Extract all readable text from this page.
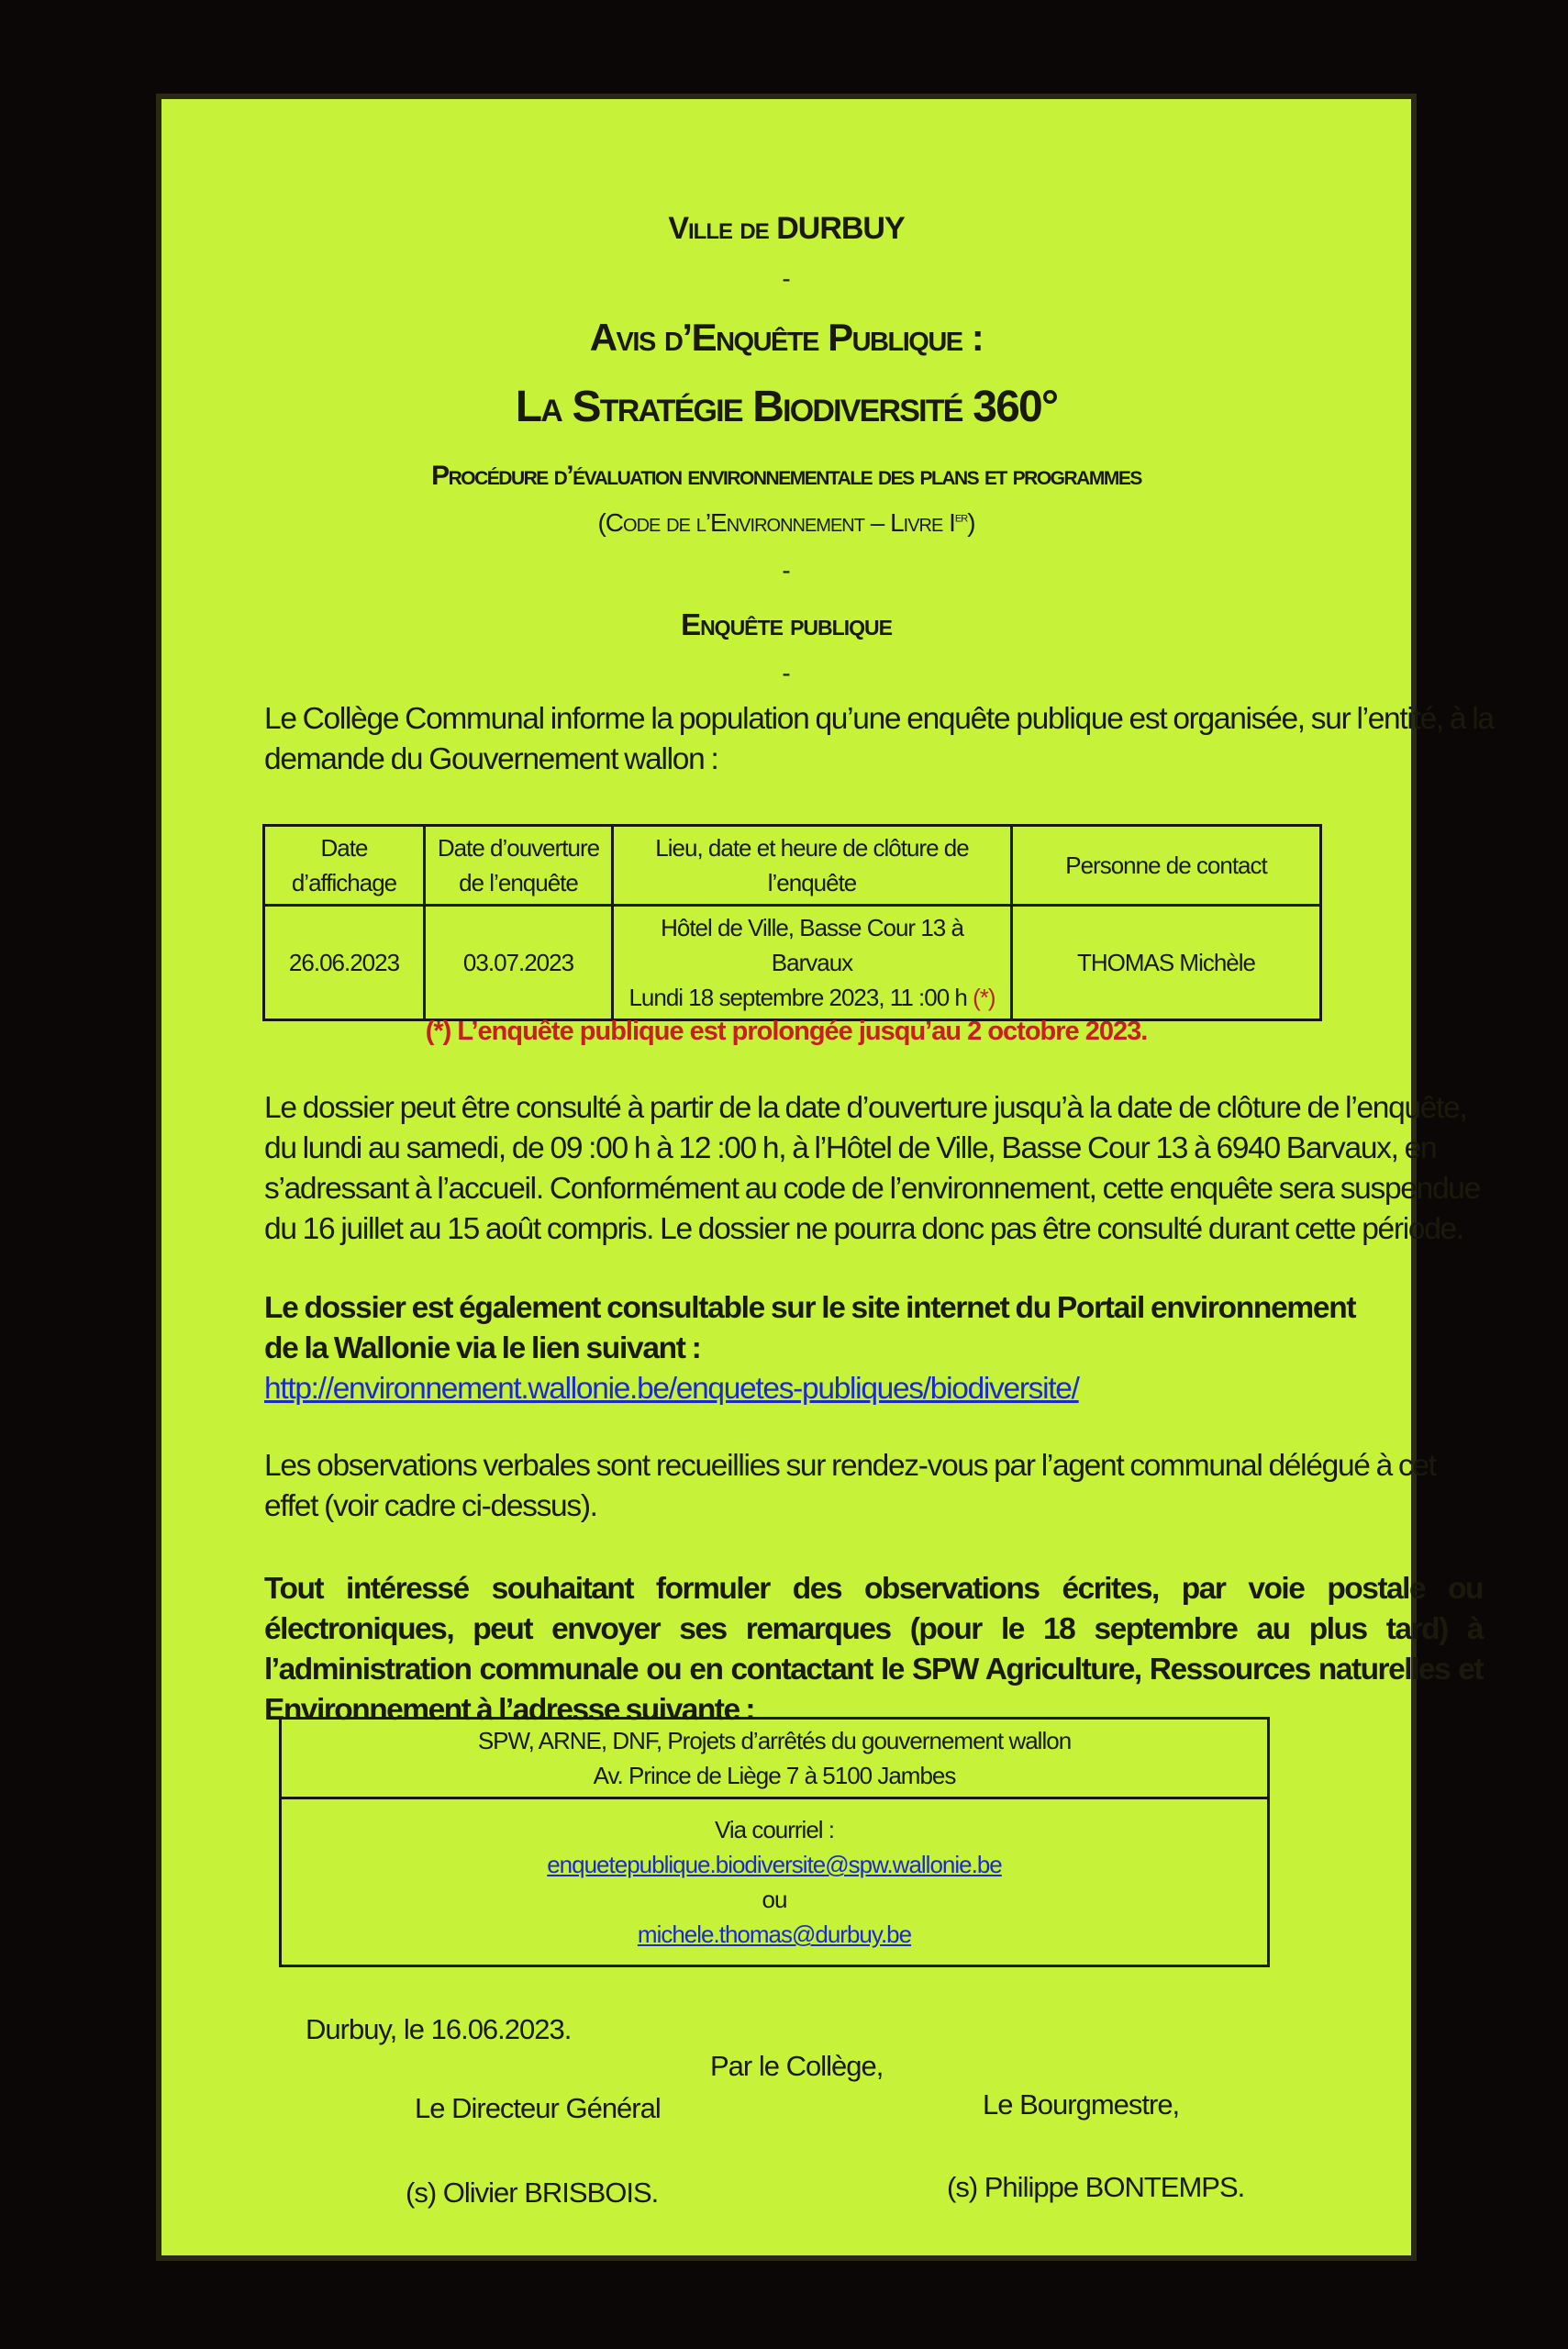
Ville de DURBUY
-
Avis d’Enquête Publique :
La Stratégie Biodiversité 360°
Procédure d’évaluation environnementale des plans et programmes
(Code de l’Environnement – Livre Ier)
-
Enquête publique
-

Le Collège Communal informe la population qu’une enquête publique est organisée, sur l’entité, à la demande du Gouvernement wallon :

Date d’affichage	Date d’ouverture de l’enquête	Lieu, date et heure de clôture de l’enquête	Personne de contact
26.06.2023	03.07.2023	Hôtel de Ville, Basse Cour 13 à Barvaux
Lundi 18 septembre 2023, 11 :00 h (*)	THOMAS Michèle
(*) L’enquête publique est prolongée jusqu’au 2 octobre 2023.

Le dossier peut être consulté à partir de la date d’ouverture jusqu’à la date de clôture de l’enquête, du lundi au samedi, de 09 :00 h à 12 :00 h, à l’Hôtel de Ville, Basse Cour 13 à 6940 Barvaux, en s’adressant à l’accueil. Conformément au code de l’environnement, cette enquête sera suspendue du 16 juillet au 15 août compris. Le dossier ne pourra donc pas être consulté durant cette période.

Le dossier est également consultable sur le site internet du Portail environnement de la Wallonie via le lien suivant :

http://environnement.wallonie.be/enquetes-publiques/biodiversite/

Les observations verbales sont recueillies sur rendez-vous par l’agent communal délégué à cet effet (voir cadre ci-dessus).

Tout intéressé souhaitant formuler des observations écrites, par voie postale ou électroniques, peut envoyer ses remarques (pour le 18 septembre au plus tard) à l’administration communale ou en contactant le SPW Agriculture, Ressources naturelles et Environnement à l’adresse suivante :

SPW, ARNE, DNF, Projets d’arrêtés du gouvernement wallon
Av. Prince de Liège 7 à 5100 Jambes

Via courriel :
enquetepublique.biodiversite@spw.wallonie.be
ou
michele.thomas@durbuy.be
Durbuy, le 16.06.2023.
Par le Collège,
Le Directeur Général	Le Bourgmestre,
(s) Olivier BRISBOIS.	(s) Philippe BONTEMPS.
